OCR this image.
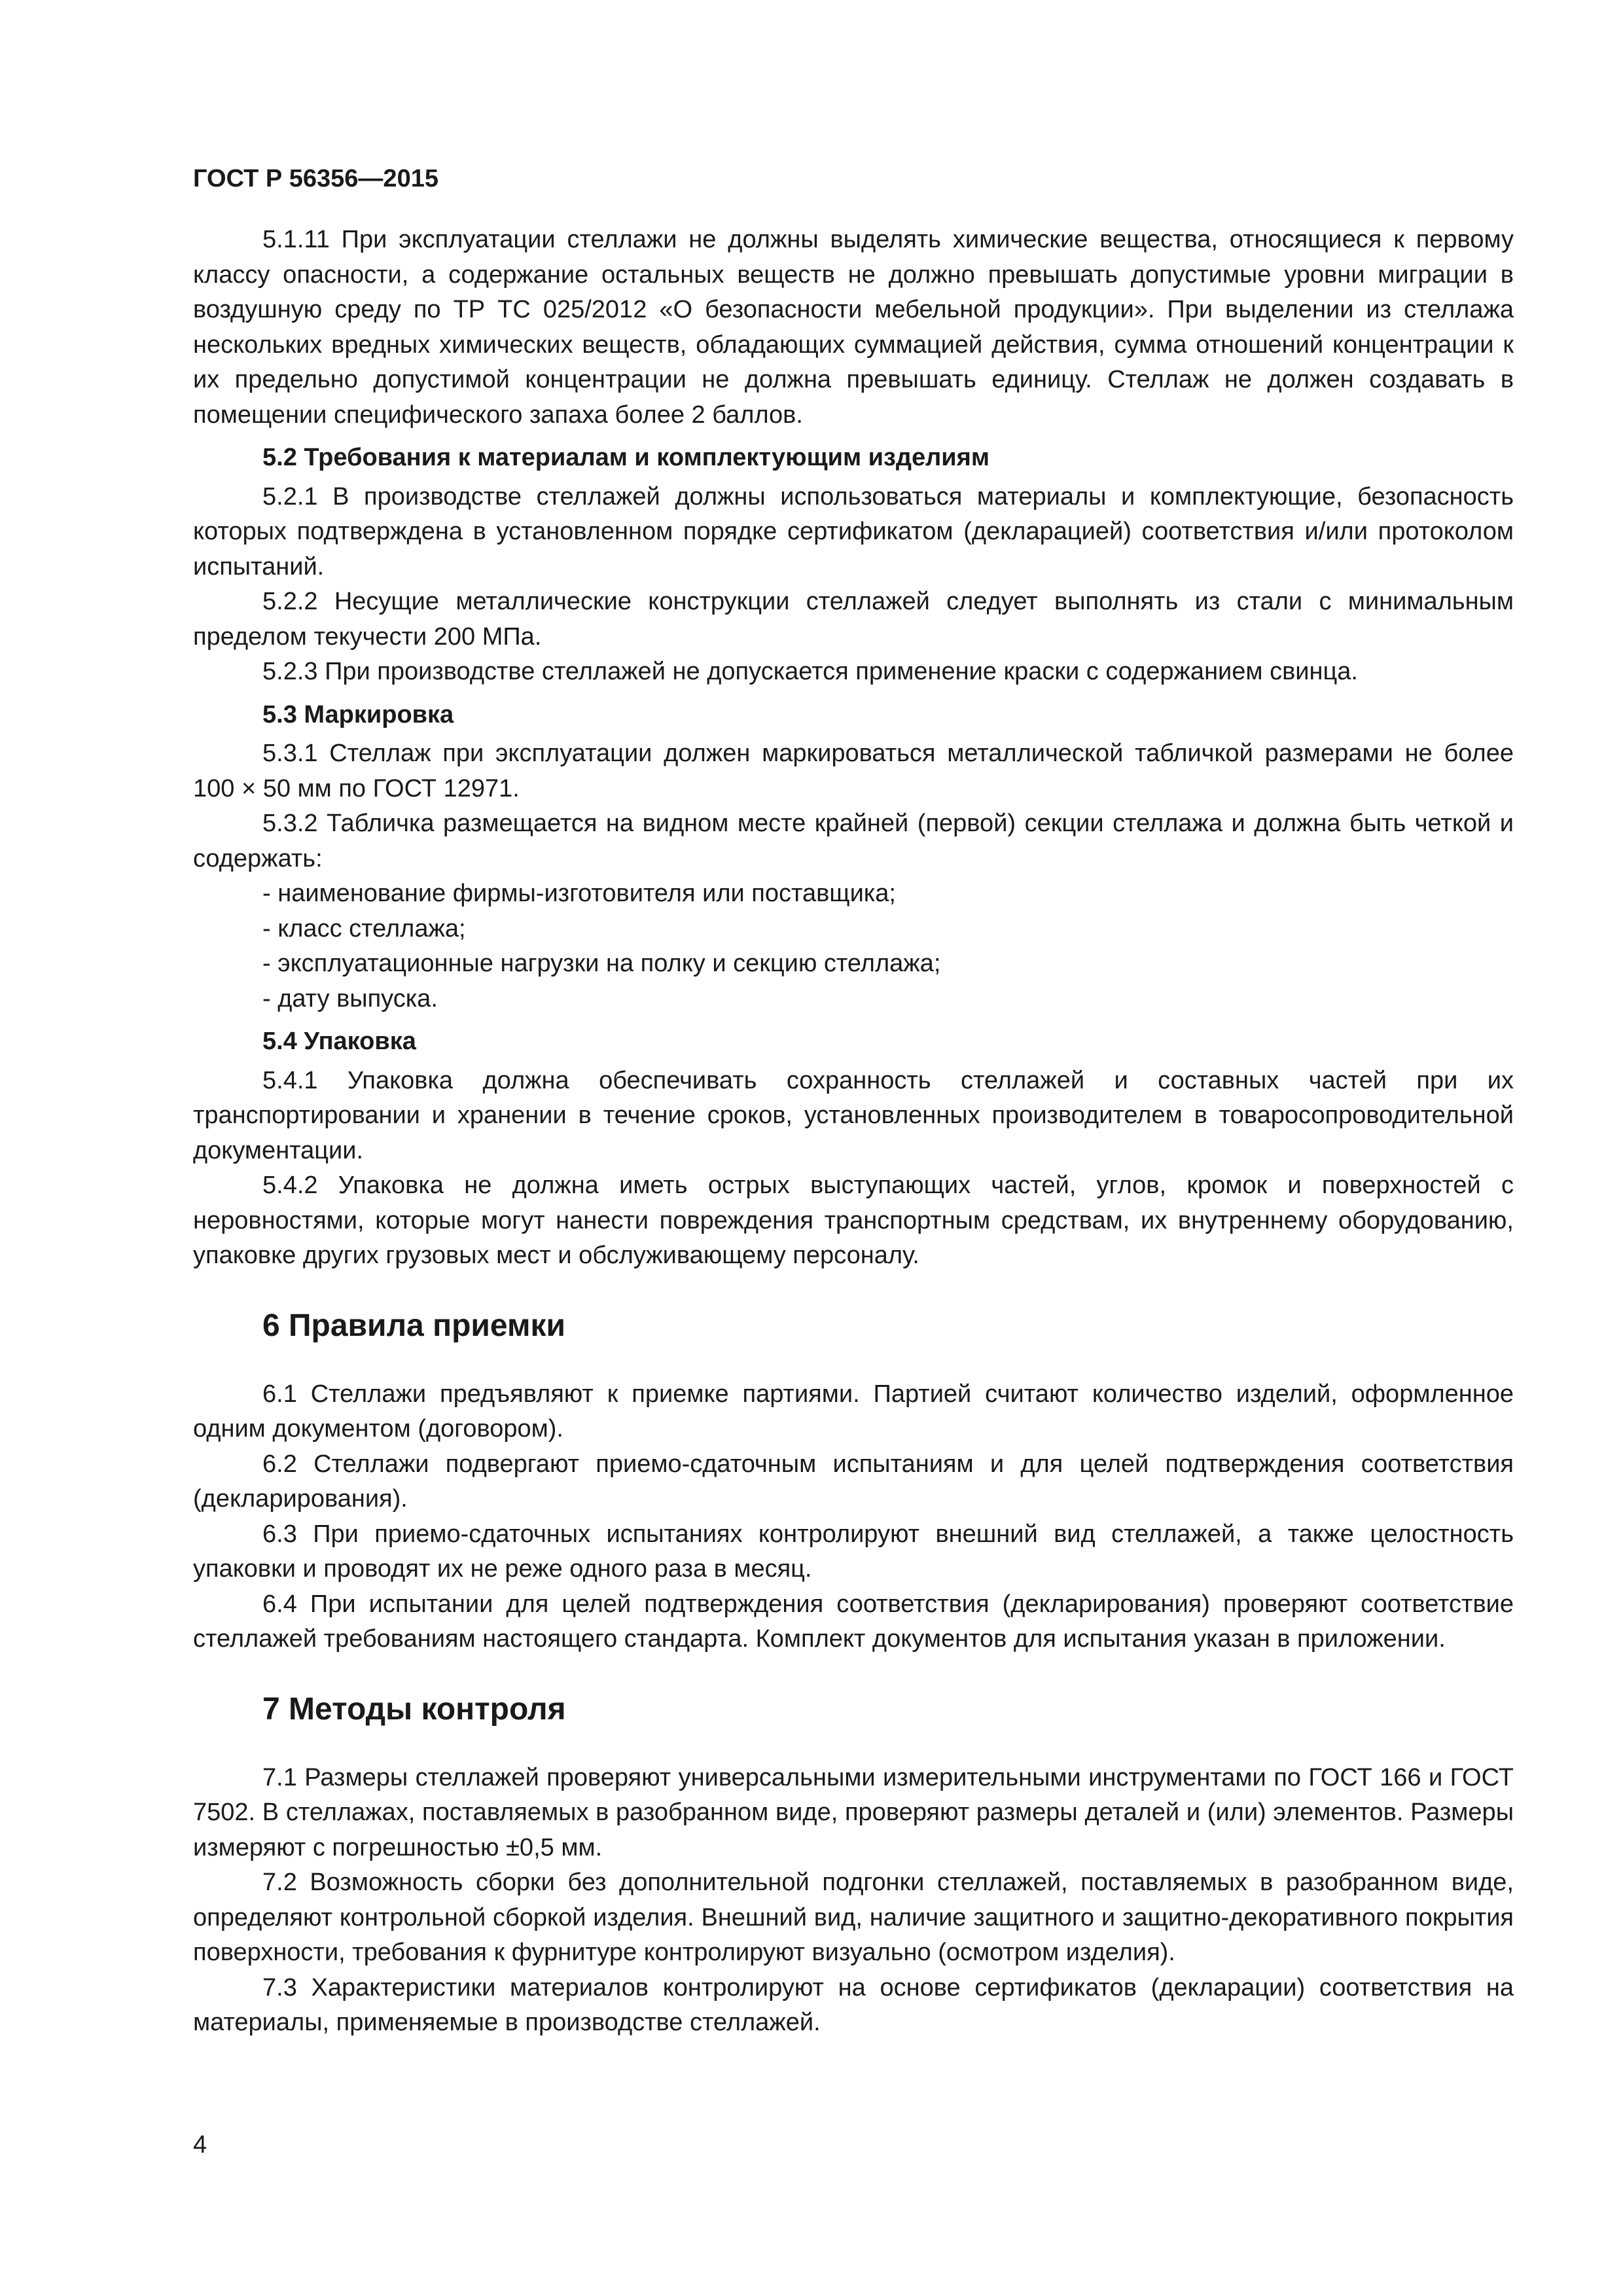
ГОСТ Р 56356—2015

5.1.11 При эксплуатации стеллажи не должны выделять химические вещества, относящиеся к первому классу опасности, а содержание остальных веществ не должно превышать допустимые уровни миграции в воздушную среду по ТР ТС 025/2012 «О безопасности мебельной продукции». При выделении из стеллажа нескольких вредных химических веществ, обладающих суммацией действия, сумма отношений концентрации к их предельно допустимой концентрации не должна превышать единицу. Стеллаж не должен создавать в помещении специфического запаха более 2 баллов.

5.2 Требования к материалам и комплектующим изделиям

5.2.1 В производстве стеллажей должны использоваться материалы и комплектующие, безопасность которых подтверждена в установленном порядке сертификатом (декларацией) соответствия и/или протоколом испытаний.

5.2.2 Несущие металлические конструкции стеллажей следует выполнять из стали с минимальным пределом текучести 200 МПа.

5.2.3 При производстве стеллажей не допускается применение краски с содержанием свинца.

5.3 Маркировка

5.3.1 Стеллаж при эксплуатации должен маркироваться металлической табличкой размерами не более 100 × 50 мм по ГОСТ 12971.

5.3.2 Табличка размещается на видном месте крайней (первой) секции стеллажа и должна быть четкой и содержать:

- наименование фирмы-изготовителя или поставщика;
- класс стеллажа;
- эксплуатационные нагрузки на полку и секцию стеллажа;
- дату выпуска.
5.4 Упаковка

5.4.1 Упаковка должна обеспечивать сохранность стеллажей и составных частей при их транспортировании и хранении в течение сроков, установленных производителем в товаросопроводительной документации.

5.4.2 Упаковка не должна иметь острых выступающих частей, углов, кромок и поверхностей с неровностями, которые могут нанести повреждения транспортным средствам, их внутреннему оборудованию, упаковке других грузовых мест и обслуживающему персоналу.

6 Правила приемки

6.1 Стеллажи предъявляют к приемке партиями. Партией считают количество изделий, оформленное одним документом (договором).

6.2 Стеллажи подвергают приемо-сдаточным испытаниям и для целей подтверждения соответствия (декларирования).

6.3 При приемо-сдаточных испытаниях контролируют внешний вид стеллажей, а также целостность упаковки и проводят их не реже одного раза в месяц.

6.4 При испытании для целей подтверждения соответствия (декларирования) проверяют соответствие стеллажей требованиям настоящего стандарта. Комплект документов для испытания указан в приложении.

7 Методы контроля

7.1 Размеры стеллажей проверяют универсальными измерительными инструментами по ГОСТ 166 и ГОСТ 7502. В стеллажах, поставляемых в разобранном виде, проверяют размеры деталей и (или) элементов. Размеры измеряют с погрешностью ±0,5 мм.

7.2 Возможность сборки без дополнительной подгонки стеллажей, поставляемых в разобранном виде, определяют контрольной сборкой изделия. Внешний вид, наличие защитного и защитно-декоративного покрытия поверхности, требования к фурнитуре контролируют визуально (осмотром изделия).

7.3 Характеристики материалов контролируют на основе сертификатов (декларации) соответствия на материалы, применяемые в производстве стеллажей.

4
